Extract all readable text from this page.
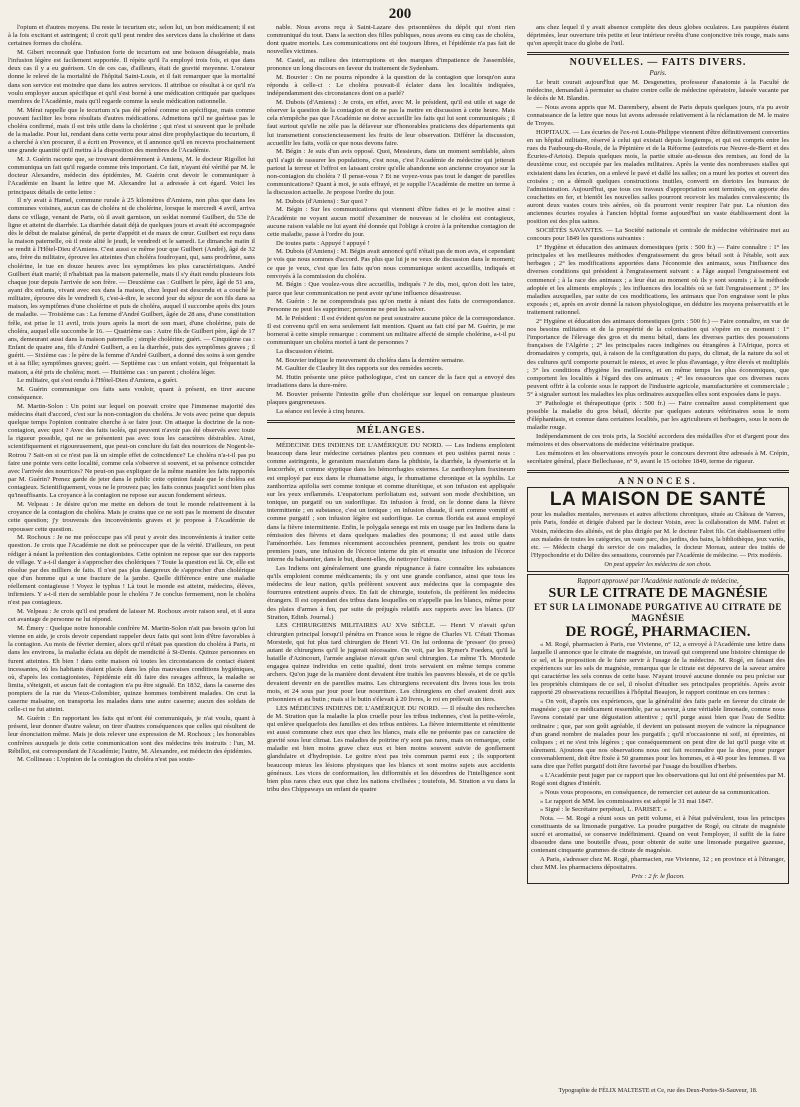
200

l'opium et d'autres moyens. Du reste le tecurium etc, selon lui, un bon médicament; il est à la fois excitant et astringent; il croit qu'il peut rendre des services dans la cholérine et dans certaines formes du choléra.

M. Gibert reconnaît que l'infusion forte de tecurium est une boisson désagréable, mais l'infusion légère est facilement supportée. Il répète qu'il l'a employé trois fois, et que dans deux cas il y a eu guérison. Un de ces cas, d'ailleurs, était de gravité moyenne. L'orateur donne le relevé de la mortalité de l'hôpital Saint-Louis, et il fait remarquer que la mortalité dans son service est moindre que dans les autres services. Il attribue ce résultat à ce qu'il n'a voulu employer aucun spécifique et qu'il s'est borné à une médication critiquée par quelques membres de l'Académie, mais qu'il regarde comme la seule médication rationnelle.

M. Mérat rappelle que le tecurium n'a pas été prôné comme un spécifique, mais comme pouvant faciliter les bons résultats d'autres médications. Admettons qu'il ne guérisse pas le choléra confirmé, mais il est très utile dans la cholérine ; qui n'est si souvent que le prélude de la maladie. Pour lui, rendant dans cette vertu pour ainsi dire prophylactique du tecurium, il a cherché à s'en procurer, il a écrit en Provence, et il annonce qu'il en recevra prochainement une grande quantité qu'il mettra à la disposition des membres de l'Académie.

M. J. Guérin raconte que, se trouvant dernièrement à Amiens, M. le docteur Rigollot lui communiqua un fait qu'il regarde comme très important. Ce fait, n'ayant été vérifié par M. le docteur Alexandre, médecin des épidémies, M. Guérin crut devoir le communiquer à l'Académie en lisant la lettre que M. Alexandre lui a adressée à cet égard. Voici les principaux détails de cette lettre :

Il n'y avait à Hamel, commune rurale à 25 kilomètres d'Amiens, non plus que dans les communes voisines, aucun cas de choléra ni de cholérine, lorsque le mercredi 4 avril, arriva dans ce village, venant de Paris, où il avait garnison, un soldat nommé Guilbert, du 53e de ligne et atteint de diarrhée. La diarrhée datait déjà de quelques jours et avait été accompagnée dès le début de malaise général, de perte d'appétit et de maux de cœur. Guilbert est reçu dans la maison paternelle, où il reste alité le jeudi, le vendredi et le samedi. Le dimanche matin il se rendit à l'Hôtel-Dieu d'Amiens. C'est aussi ce même jour que Guilbert (André), âgé de 32 ans, frère du militaire, éprouve les atteintes d'un choléra foudroyant, qui, sans prodrôme, sans cholérine, le tue en douze heures avec les symptômes les plus caractéristiques. André Guilbert était marié; il n'habitait pas la maison paternelle, mais il s'y était rendu plusieurs fois chaque jour depuis l'arrivée de son frère. — Deuxième cas : Guilbert le père, âgé de 51 ans, ayant dix enfants, vivant avec eux dans la maison, chez lequel est descendu et a couché le militaire, éprouve dès le vendredi 6, c'est-à-dire, le second jour du séjour de son fils dans sa maison, les symptômes d'une cholérine et puis de choléra, auquel il succombe après dix jours de maladie. — Troisième cas : La femme d'André Guilbert, âgée de 28 ans, d'une constitution frêle, est prise le 11 avril, trois jours après la mort de son mari, d'une cholérine, puis de choléra, auquel elle succombe le 16. — Quatrième cas : Autre fils de Guilbert père, âgé de 17 ans, demeurant aussi dans la maison paternelle ; simple cholérine; guéri. — Cinquième cas : Enfant de quatre ans, fils d'André Guilbert, a eu la diarrhée, puis des symptômes graves ; il guérit. — Sixième cas : le père de la femme d'André Guilbert, a donné des soins à son gendre et à sa fille; symptômes graves; guéri. — Septième cas : un enfant voisin, qui fréquentait la maison, a été pris de choléra; mort. — Huitième cas : un parent ; choléra léger.

Le militaire, qui s'est rendu à l'Hôtel-Dieu d'Amiens, a guéri.

M. Guérin communique ces faits sans vouloir, quant à présent, en tirer aucune conséquence.

M. Martin-Solon : Un point sur lequel on pouvait croire que l'immense majorité des médecins était d'accord, c'est sur la non-contagion du choléra. Je vois avec peine que depuis quelque temps l'opinion contraire cherche à se faire jour. On attaque la doctrine de la non-contagion, avec quoi ? Avec des faits isolés, qui peuvent n'avoir pas été observés avec toute la rigueur possible, qui ne se présentent pas avec tous les caractères désirables. Ainsi, scientifiquement et rigoureusement, que peut-on conclure du fait des nourrices de Nogent-le-Rotrou ? Sait-on si ce n'est pas là un simple effet de coïncidence? Le choléra n'a-t-il pas pu faire une pointe vers cette localité, comme cela s'observe si souvent, et sa présence coïncider avec l'arrivée des nourrices? Ne peut-on pas expliquer de la même manière les faits rapportés par M. Guérin? Prenez garde de jeter dans le public cette opinion fatale que le choléra est contagieux. Scientifiquement, vous ne le prouvez pas; les faits connus jusqu'ici sont bien plus qu'insuffisants. La croyance à la contagion ne repose sur aucun fondement sérieux.

M. Velpeau : Je désire qu'on me mette en dehors de tout le monde relativement à la croyance de la contagion du choléra. Mais je crains que ce ne soit pas le moment de discuter cette question; j'y trouverais des inconvénients graves et je propose à l'Académie de repousser cette question.

M. Rochoux : Je ne me préoccupe pas s'il peut y avoir des inconvénients à traiter cette question. Je crois que l'Académie ne doit se préoccuper que de la vérité. D'ailleurs, on peut rédiger à néant la prétention des contagionistes. Cette opinion ne repose que sur des rapports de village. Y a-t-il danger à s'approcher des cholériques ? Toute la question est là. Or, elle est résolue par des milliers de faits. Il n'est pas plus dangereux de s'approcher d'un cholérique que d'un homme qui a une fracture de la jambe. Quelle différence entre une maladie réellement contagieuse ! Voyez le typhus ! Là tout le monde est atteint, médecins, élèves, infirmiers. Y a-t-il rien de semblable pour le choléra ? Je conclus fermement, non le choléra n'est pas contagieux.

M. Velpeau : Je crois qu'il est prudent de laisser M. Rochoux avoir raison seul, et il aura cet avantage de personne ne lui répond.

M. Émery : Quelque notre honorable confrère M. Martin-Solon n'ait pas besoin qu'on lui vienne en aide, je crois devoir cependant rappeler deux faits qui sont loin d'être favorables à la contagion. Au mois de février dernier, alors qu'il n'était pas question du choléra à Paris, ni dans les environs, la maladie éclata au dépôt de mendicité à St-Denis. Quinze personnes en furent atteintes. Eh bien ! dans cette maison où toutes les circonstances de contact étaient incessantes, où les habitants étaient placés dans les plus mauvaises conditions hygiéniques, où, d'après les contagionistes, l'épidémie eût dû faire des ravages affreux, la maladie se limita, s'éteignit, et aucun fait de contagion n'a pu être signalé. En 1832, dans la caserne des pompiers de la rue du Vieux-Colombier, quinze hommes tombèrent malades. On crut la caserne malsaine, on transporta les malades dans une autre caserne; aucun des soldats de celle-ci ne fut atteint.

M. Guérin : En rapportant les faits qui m'ont été communiqués, je n'ai voulu, quant à présent, leur donner d'autre valeur, on tirer d'autres conséquences que celles qui résultent de leur énonciation même. Mais je dois relever une expression de M. Rochoux ; les honorables confrères auxquels je dois cette communication sont des médecins très instruits : l'un, M. Rébillot, est correspondant de l'Académie; l'autre, M. Alexandre, est médecin des épidémies.

M. Collineau : L'opinion de la contagion du choléra n'est pas soute-

nable. Nous avons reçu à Saint-Lazare des prisonnières du dépôt qui n'ont rien communiqué du tout. Dans la section des filles publiques, nous avons eu cinq cas de choléra, dont quatre mortels. Les communications ont été toujours libres, et l'épidémie n'a pas fait de nouvelles victimes.

M. Castel, au milieu des interruptions et des marques d'impatience de l'assemblée, prononce un long discours en faveur du traitement de Sydenham.

M. Bouvier : On ne pourra répondre à la question de la contagion que lorsqu'on aura répondu à celle-ci : Le choléra pouvait-il éclater dans les localités indiquées, indépendamment des circonstances dont on a parlé?

M. Dubois (d'Amiens) : Je crois, en effet, avec M. le président, qu'il est utile et sage de réserver la question de la contagion et de ne pas la mettre en discussion à cette heure. Mais cela n'empêche pas que l'Académie ne doive accueillir les faits qui lui sont communiqués ; il faut surtout qu'elle ne zèle pas la défaveur sur d'honorables praticiens des départements qui lui transmettent consciencieusement les fruits de leur observation. Différer la discussion, accueillir les faits, voilà ce que nous devons faire.

M. Bégin : Je suis d'un avis opposé. Quoi, Messieurs, dans un moment semblable, alors qu'il s'agit de rassurer les populations, c'est nous, c'est l'Académie de médecine qui jetterait partout la terreur et l'effroi en laissant croire qu'elle abandonne son ancienne croyance sur la non-contagion du choléra ? Il pense-vous ? Et ne voyez-vous pas tout le danger de pareilles communications? Quant à moi, je suis effrayé, et je supplie l'Académie de mettre un terme à la discussion actuelle. Je propose l'ordre du jour.

M. Dubois (d'Amiens) : Sur quoi ?

M. Bégin : Sur les communications qui viennent d'être faites et je le motive ainsi : l'Académie ne voyant aucun motif d'examiner de nouveau si le choléra est contagieux, aucune raison valable ne lui ayant été donnée qui l'oblige à croire à la prétendue contagion de cette maladie, passe à l'ordre du jour.

De toutes parts : Appuyé ! appuyé !

M. Dubois (d'Amiens) : M. Bégin avait annoncé qu'il n'était pas de mon avis, et cependant je vois que nous sommes d'accord. Pas plus que lui je ne veux de discussion dans le moment; ce que je veux, c'est que les faits qu'on nous communique soient accueillis, indiqués et renvoyés à la commission du choléra.

M. Bégin : Que voulez-vous dire accueillis, indiqués ? Je dis, moi, qu'on doit les taire, parce que leur communication ne peut avoir qu'une influence désastreuse.

M. Guérin : Je ne comprendrais pas qu'on mette à néant des faits de correspondance. Personne ne peut les supprimer; personne ne peut les salver.

M. le Président : Il est évident qu'on ne peut soustraire aucune pièce de la correspondance. Il est convenu qu'il en sera seulement fait mention. Quant au fait cité par M. Guérin, je me bornerai à cette simple remarque : comment un militaire affecté de simple cholérine, a-t-il pu communiquer un choléra mortel à tant de personnes ?

La discussion s'éteint.

M. Bouvier indique le mouvement du choléra dans la dernière semaine.

M. Gaultier de Claubry lit des rapports sur des remèdes secrets.

M. Hutin présente une pièce pathologique, c'est un cancer de la face qui a envoyé des irradiations dans la dure-mère.

M. Bouvier présente l'intestin grêle d'un cholérique sur lequel on remarque plusieurs plaques gangreneuses.

La séance est levée à cinq heures.

MÉLANGES.

MÉDECINE DES INDIENS DE L'AMÉRIQUE DU NORD. — Les Indiens emploient beaucoup dans leur médecine certaines plantes peu connues et peu usitées parmi nous : comme astringents, le geranium maculatum dans la phthisie, la diarrhée, la dysenterie et la leucorrhée, et comme styptique dans les hémorrhagies externes. Le zanthoxylum fraxineum est employé par eux dans le rhumatisme aigu, le rhumatisme chronique et la syphilis. Le zanthorriza apifolia sert comme tonique et comme diurétique, et son infusion est appliquée sur les yeux enflammés. L'eupatorium perfoliatum est, suivant son mode d'exhibition, un tonique, un purgatif ou un sudorifique. En infusion à froid, on le donne dans la fièvre intermittente ; en substance, c'est un tonique ; en infusion chaude, il sert comme vomitif et comme purgatif ; son infusion légère est sudorifique. Le cornus florida est aussi employé dans la fièvre intermittente. Enfin, le polygala senega est mis en usage par les Indiens dans la rémission des fièvres et dans quelques maladies des poumons; il est aussi utile dans l'aménorrhée. Les femmes récemment accouchées prennent, pendant les trois ou quatre premiers jours, une infusion de l'écorce interne du pin et ensuite une infusion de l'écorce interne du balsamier, dans le but, disent-elles, de nettoyer l'utérus.

Les Indiens ont généralement une grande répugnance à faire connaître les substances qu'ils emploient comme médicaments; ils y ont une grande confiance, ainsi que tous les médecins de leur nation, qu'ils préfèrent souvent aux médecins que la compagnie des fourrures entretient auprès d'eux. En fait de chirurgie, toutefois, ils préfèrent les médecins étrangers. Il est cependant des tribus dans lesquelles on n'appelle pas les blancs, même pour des plaies d'armes à feu, par suite de préjugés relatifs aux rapports avec les blancs. (D' Stratton, Edinb. Journal.)

LES CHIRURGIENS MILITAIRES AU XVe SIÈCLE. — Henri V n'avait qu'un chirurgien principal lorsqu'il pénétra en France sous le règne de Charles VI. C'était Thomas Morstede, qui fut plus tard chirurgien de Henri VI. On lui ordonna de 'presser' (to press) autant de chirurgiens qu'il le jugerait nécessaire. On voit, par les Rymer's Foedera, qu'il la bataille d'Azincourt, l'armée anglaise n'avait qu'un seul chirurgien. Le même Th. Morstede engagea quinze individus en cette qualité, dont trois servaient en même temps comme archers. Qu'on juge de la manière dont devaient être traités les pauvres blessés, et de ce qu'ils devaient devenir en de pareilles mains. Les chirurgiens recevaient dix livres tous les trois mois, et 24 sous par jour pour leur nourriture. Les chirurgiens en chef avaient droit aux prisonniers et au butin ; mais si le butin s'élevait à 20 livres, le roi en prélevait un tiers.

LES MÉDECINS INDIENS DE L'AMÉRIQUE DU NORD. — Il résulte des recherches de M. Stratton que la maladie la plus cruelle pour les tribus indiennes, c'est la petite-vérole, qui enlève quelquefois des familles et des tribus entières. La fièvre intermittente et rémittente est aussi commune chez eux que chez les blancs, mais elle ne présente pas ce caractère de gravité sous leur climat. Les maladies de poitrine n'y sont pas rares, mais on remarque, cette maladie est bien moins grave chez eux et bien moins souvent suivie de gonflement glandulaire et d'hydropisie. Le goitre n'est pas très commun parmi eux ; ils supportent beaucoup mieux les lésions physiques que les blancs et sont moins sujets aux accidents généraux. Les vices de conformation, les difformités et les désordres de l'intelligence sont bien plus rares chez eux que chez les nations civilisées ; toutefois, M. Stratton a vu dans la tribu des Chippaways un enfant de quatre

ans chez lequel il y avait absence complète des deux globes oculaires. Les paupières étaient déprimées, leur ouverture très petite et leur intérieur revêtu d'une conjonctive très rouge, mais sans qu'on aperçût trace du globe de l'œil.

NOUVELLES. — FAITS DIVERS.
Paris.

Le bruit courait aujourd'hui que M. Desgenettes, professeur d'anatomie à la Faculté de médecine, demandait à permuter sa chaire contre celle de médecine opératoire, laissée vacante par le décès de M. Blandin.

— Nous avons appris que M. Darembery, absent de Paris depuis quelques jours, n'a pu avoir connaissance de la lettre que nous lui avons adressée relativement à la réclamation de M. le maire de Troyes.

HOPITAUX. — Les écuries de l'ex-roi Louis-Philippe viennent d'être définitivement converties en un hôpital militaire, réservé à celui qui existait depuis longtemps, et qui est compris entre les rues du Faubourg-du-Roule, de la Pépinière et de la Réforme (autrefois rue Neuve-de-Berri et des Écuries-d'Artois). Depuis quelques mois, la partie située au-dessus des remises, au fond de la deuxième cour, est occupée par les malades militaires. Après la vente des nombreuses stalles qui existaient dans les écuries, on a enlevé le pavé et dallé les salles; on a muré les portes et ouvert des croisées ; on a démoli quelques constructions inutiles, converti en dortoirs les bureaux de l'administration. Aujourd'hui, que tous ces travaux d'appropriation sont terminés, on apporte des couchettes en fer, et bientôt les nouvelles salles pourront recevoir les malades convalescents; ils auront deux vastes cours très aérées, où ils pourront venir respirer l'air pur. La réunion des anciennes écuries royales à l'ancien hôpital forme aujourd'hui un vaste établissement dont la position est des plus saines.

SOCIÉTÉS SAVANTES. — La Société nationale et centrale de médecine vétérinaire met au concours pour 1849 les questions suivantes :

1° Hygiène et éducation des animaux domestiques (prix : 500 fr.) — Faire connaître : 1° les principales et les meilleures méthodes d'engraissement du gros bétail soit à l'étable, soit aux herbages ; 2° les modifications apportées dans l'économie des animaux, sous l'influence des diverses conditions qui président à l'engraissement suivant : a l'âge auquel l'engraissement est commencé ; à la race des animaux ; a leur état au moment où ils y sont soumis ; à la méthode adoptée et les aliments employés ; les influences des localités où se fait l'engraissement ; 3° les maladies auxquelles, par suite de ces modifications, les animaux que l'on engraisse sont le plus exposés ; et, après en avoir donné la raison physiologique, en déduire les moyens préservatifs et le traitement rationnel.

2° Hygiène et éducation des animaux domestiques (prix : 500 fr.) — Faire connaître, en vue de nos besoins militaires et de la prospérité de la colonisation qui s'opère en ce moment : 1° l'importance de l'élevage des gros et du menu bétail, dans les diverses parties des possessions françaises de l'Algérie ; 2° les principales races indigènes ou étrangères à l'Afrique, porcs et dromadaires y compris, qui, à raison de la configuration du pays, du climat, de la nature du sol et des cultures qu'il comporte pourrait le mieux, et avec le plus d'avantage, y être élevés et multipliés ; 3° les conditions d'hygiène les meilleures, et en même temps les plus économiques, que comportent les localités à l'égard des ces animaux ; 4° les ressources que ces diverses races peuvent offrir à la colonie sous le rapport de l'industrie agricole, manufacturière et commerciale ; 5° à signaler surtout les maladies les plus ordinaires auxquelles elles sont exposées dans le pays.

3° Pathologie et thérapeutique (prix : 500 fr.) — Faire connaître aussi complètement que possible la maladie du gros bétail, décrite par quelques auteurs vétérinaires sous le nom d'éléphantiasis, et connue dans certaines localités, par les agriculteurs et herbagers, sous le nom de maladie rouge.

Indépendamment de ces trois prix, la Société accordera des médailles d'or et d'argent pour des mémoires et des observations de médecine vétérinaire pratique.

Les mémoires et les observations envoyés pour le concours devront être adressés à M. Crépin, secrétaire général, place Bellechasse, n° 9, avant le 15 octobre 1849, terme de rigueur.

ANNONCES.
LA MAISON DE SANTÉ

pour les maladies mentales, nerveuses et autres affections chroniques, située au Château de Vanves, près Paris, fondée et dirigée d'abord par le docteur Voisin, avec la collaboration de MM. Falret et Voisin, médecins des aliénés, est de plus dirigée par M. le docteur Falret fils. Cet établissement offre aux malades de toutes les catégories, un vaste parc, des jardins, des bains, la bibliothèque, jeux variés, etc. — Médecin chargé du service de ces maladies, le docteur Moreau, auteur des traités de l'Hypochondrie et du Délire des sensations, couronnés par l'Académie de médecine. — Prix modérés.

On peut appeler les médecins de son choix.
Rapport approuvé par l'Académie nationale de médecine,
SUR LE CITRATE DE MAGNÉSIE
ET SUR LA LIMONADE PURGATIVE AU CITRATE DE MAGNÉSIE
DE ROGÉ, PHARMACIEN.

« M. Rogé, pharmacien à Paris, rue Vivienne, n° 12, a envoyé à l'Académie une lettre dans laquelle il annonce que le citrate de magnésie, un travail qui comprend une histoire chimique de ce sel, et la proposition de le faire servir à l'usage de la médecine. M. Rogé, en faisant des expériences sur les sels de magnésie, remarqua que le citrate est dépourvu de la saveur amère qui caractérise les sels connus de cette base. N'ayant trouvé aucune donnée ou peu précise sur les propriétés chimiques de ce sel, il résolut d'étudier ses principales propriétés. Après avoir rapporté 29 observations recueillies à l'hôpital Beaujon, le rapport continue en ces termes :

« On voit, d'après ces expériences, que la généralité des faits parle en faveur du citrate de magnésie ; que ce médicament ressemble, par sa saveur, à une véritable limonade, comme nous l'avons constaté par une dégustation attentive ; qu'il purge aussi bien que l'eau de Sedlitz ordinaire ; que, par son goût agréable, il devient un puissant moyen de vaincre la répugnance d'un grand nombre de malades pour les purgatifs ; qu'il n'occasionne ni soif, ni épreintes, ni coliques ; et ne s'est très légères ; que conséquemment on peut dire de lui qu'il purge vite et sûrement. Ajoutons que nos observations nous ont fait reconnaître que la dose, pour purger convenablement, doit être fixée à 50 grammes pour les hommes, et à 40 pour les femmes. Il va sans dire que l'effet purgatif doit être favorisé par l'usage du bouillon d'herbes.

« L'Académie peut juger par ce rapport que les observations qui lui ont été présentées par M. Rogé sont dignes d'intérêt.

» Nous vous proposons, en conséquence, de remercier cet auteur de sa communication.

» Le rapport de MM. les commissaires est adopté le 31 mai 1847.

» Signé : le Secrétaire perpétuel, L. PARISET. »

Nota. — M. Rogé a réuni sous un petit volume, et à l'état pulvérulent, tous les principes constituants de sa limonade purgative. La poudre purgative de Rogé, ou citrate de magnésie sucré et aromatisé, se conserve indéfiniment. Quand on veut l'employer, il suffit de la faire dissoudre dans une bouteille d'eau, pour obtenir de suite une limonade purgative gazeuse, contenant cinquante grammes de citrate de magnésie.

A Paris, s'adresser chez M. Rogé, pharmacien, rue Vivienne, 12 ; en province et à l'étranger, chez MM. les pharmaciens dépositaires.

Prix : 2 fr. le flacon.
Typographie de FÉLIX MALTESTE et Ce, rue des Deux-Portes-St-Sauveur, 18.
